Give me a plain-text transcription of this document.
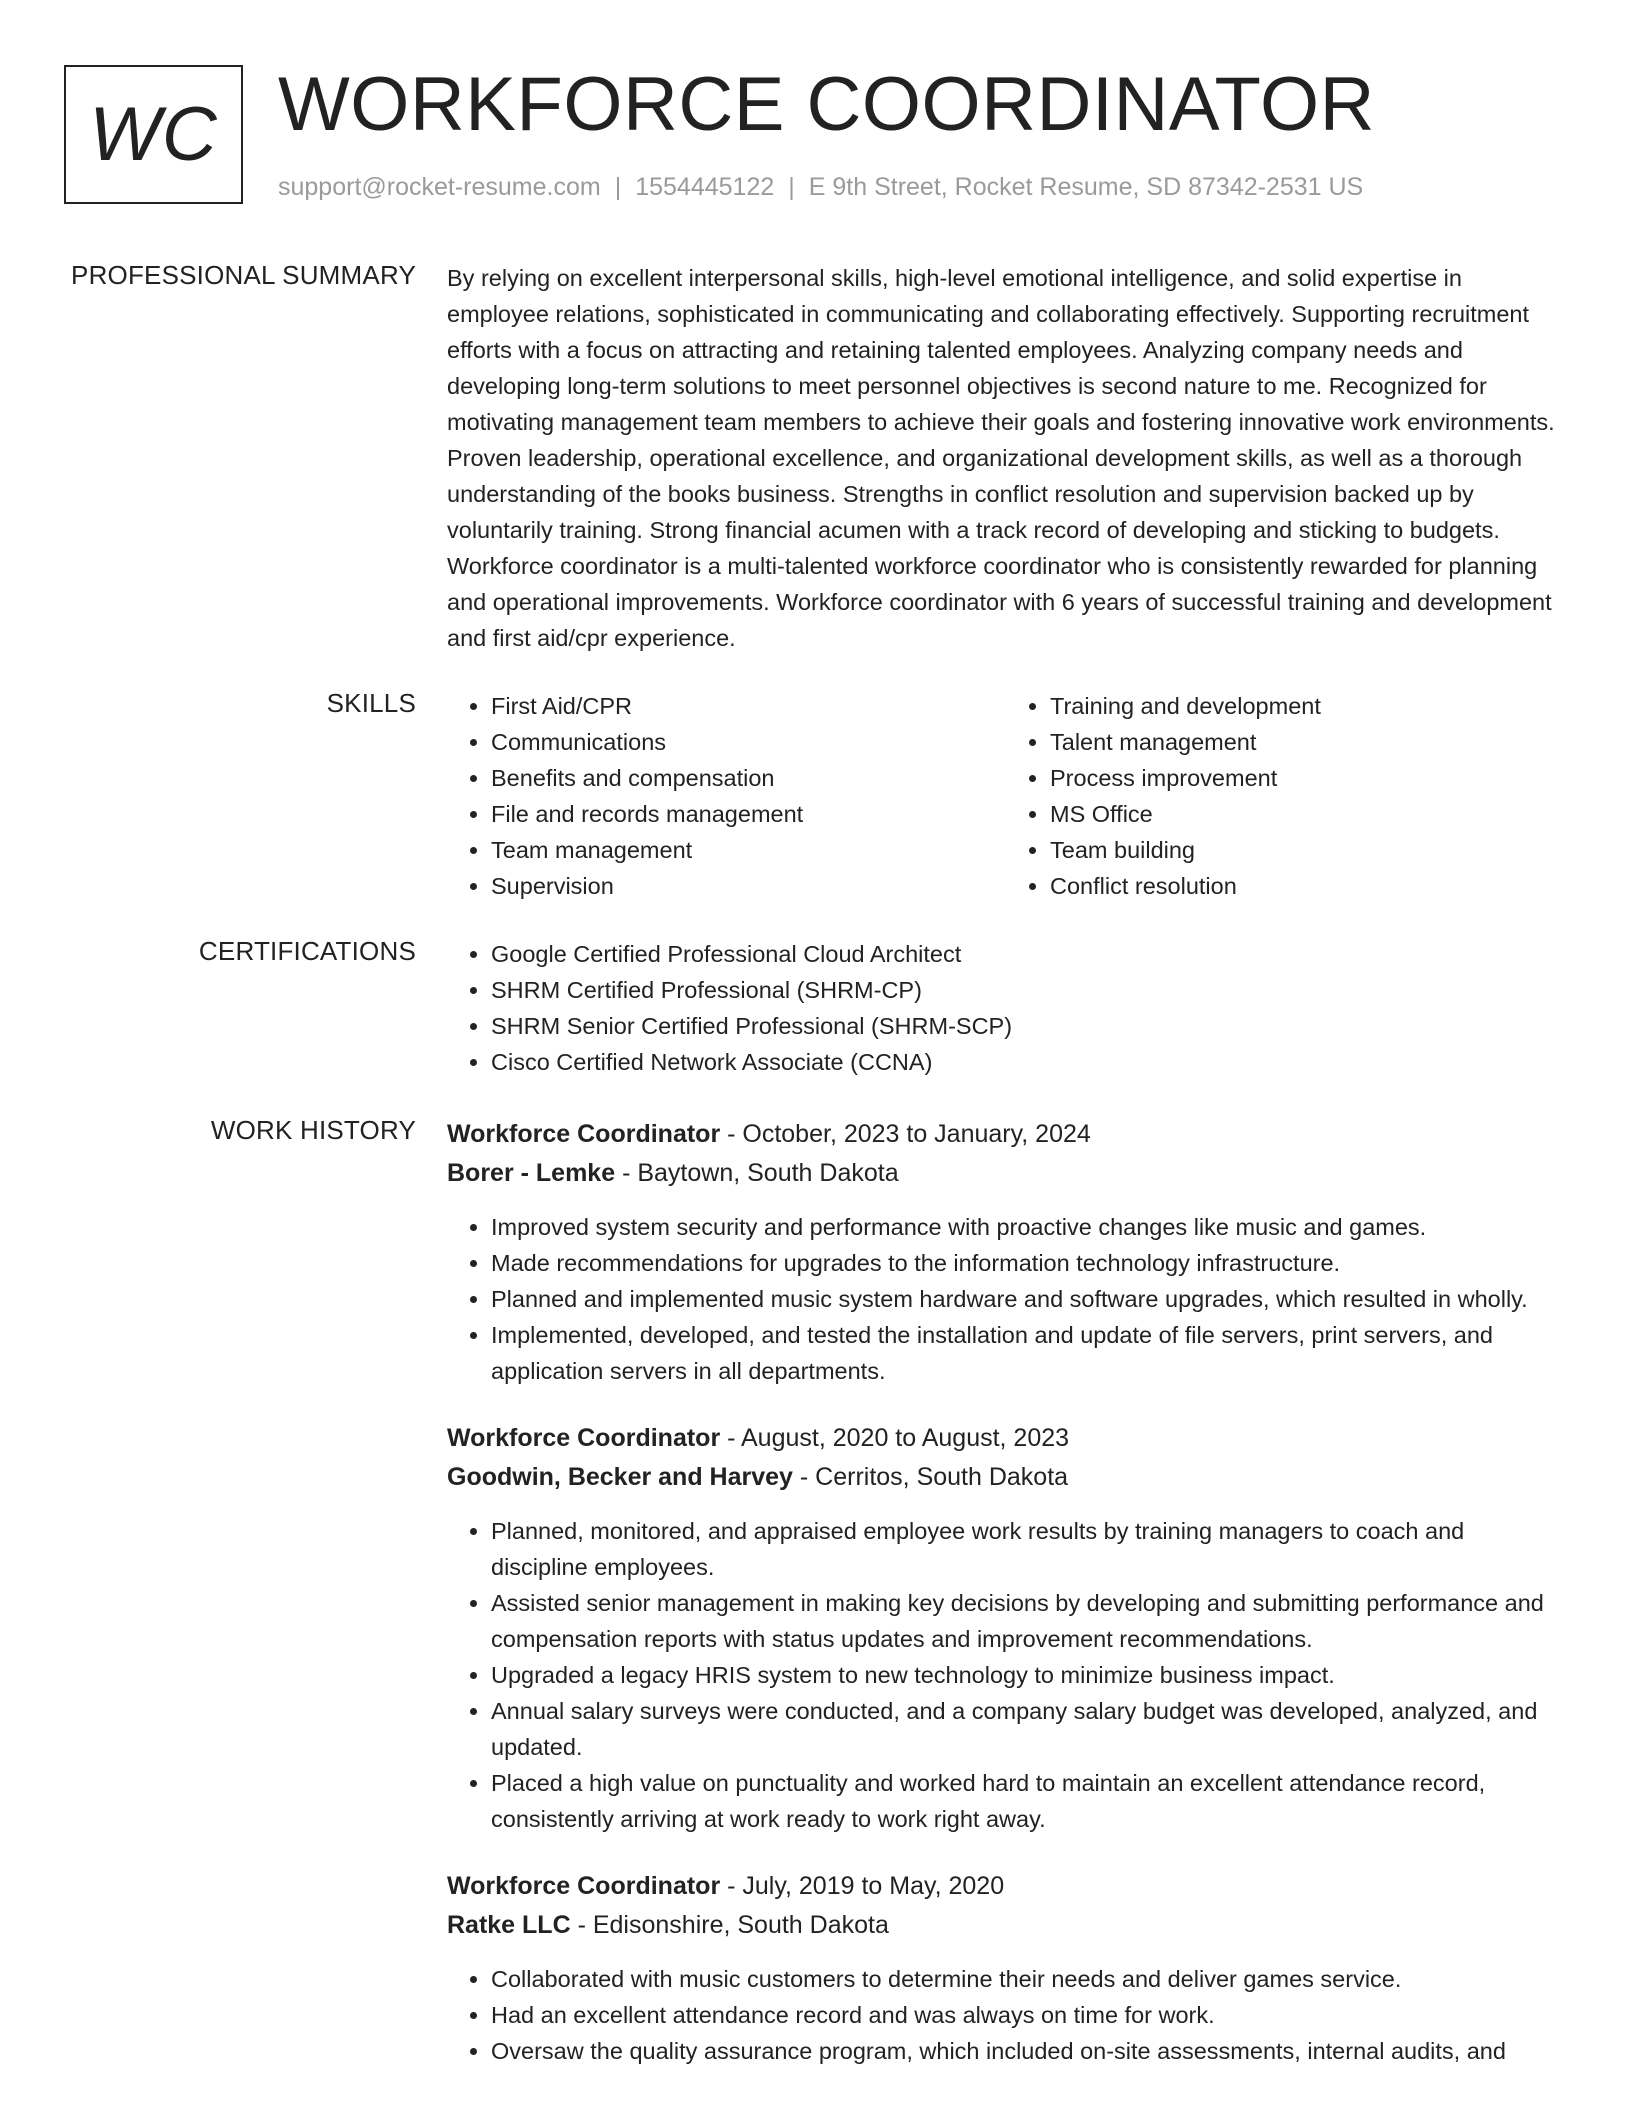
WC WORKFORCE COORDINATOR
support@rocket-resume.com | 1554445122 | E 9th Street, Rocket Resume, SD 87342-2531 US
PROFESSIONAL SUMMARY By relying on excellent interpersonal skills, high-level emotional intelligence, and solid expertise in employee relations, sophisticated in communicating and collaborating effectively. Supporting recruitment efforts with a focus on attracting and retaining talented employees. Analyzing company needs and developing long-term solutions to meet personnel objectives is second nature to me. Recognized for motivating management team members to achieve their goals and fostering innovative work environments. Proven leadership, operational excellence, and organizational development skills, as well as a thorough understanding of the books business. Strengths in conflict resolution and supervision backed up by voluntarily training. Strong financial acumen with a track record of developing and sticking to budgets. Workforce coordinator is a multi-talented workforce coordinator who is consistently rewarded for planning and operational improvements. Workforce coordinator with 6 years of successful training and development and first aid/cpr experience.

SKILLS	• First Aid/CPR
• Communications
• Benefits and compensation
• File and records management
• Team management
• Supervision
• Training and development
• Talent management
• Process improvement
• MS Office
• Team building
• Conflict resolution
CERTIFICATIONS	• Google Certified Professional Cloud Architect
• SHRM Certified Professional (SHRM-CP)
• SHRM Senior Certified Professional (SHRM-SCP)
• Cisco Certified Network Associate (CCNA)
WORK HISTORY Workforce Coordinator - October, 2023 to January, 2024
Borer - Lemke - Baytown, South Dakota
• Improved system security and performance with proactive changes like music and games.
• Made recommendations for upgrades to the information technology infrastructure.
• Planned and implemented music system hardware and software upgrades, which resulted in wholly.
• Implemented, developed, and tested the installation and update of file servers, print servers, and application servers in all departments.
Workforce Coordinator - August, 2020 to August, 2023
Goodwin, Becker and Harvey - Cerritos, South Dakota
• Planned, monitored, and appraised employee work results by training managers to coach and discipline employees.
• Assisted senior management in making key decisions by developing and submitting performance and compensation reports with status updates and improvement recommendations.
• Upgraded a legacy HRIS system to new technology to minimize business impact.
• Annual salary surveys were conducted, and a company salary budget was developed, analyzed, and updated.
• Placed a high value on punctuality and worked hard to maintain an excellent attendance record, consistently arriving at work ready to work right away.
Workforce Coordinator - July, 2019 to May, 2020
Ratke LLC - Edisonshire, South Dakota
• Collaborated with music customers to determine their needs and deliver games service.
• Had an excellent attendance record and was always on time for work.
• Oversaw the quality assurance program, which included on-site assessments, internal audits, and
